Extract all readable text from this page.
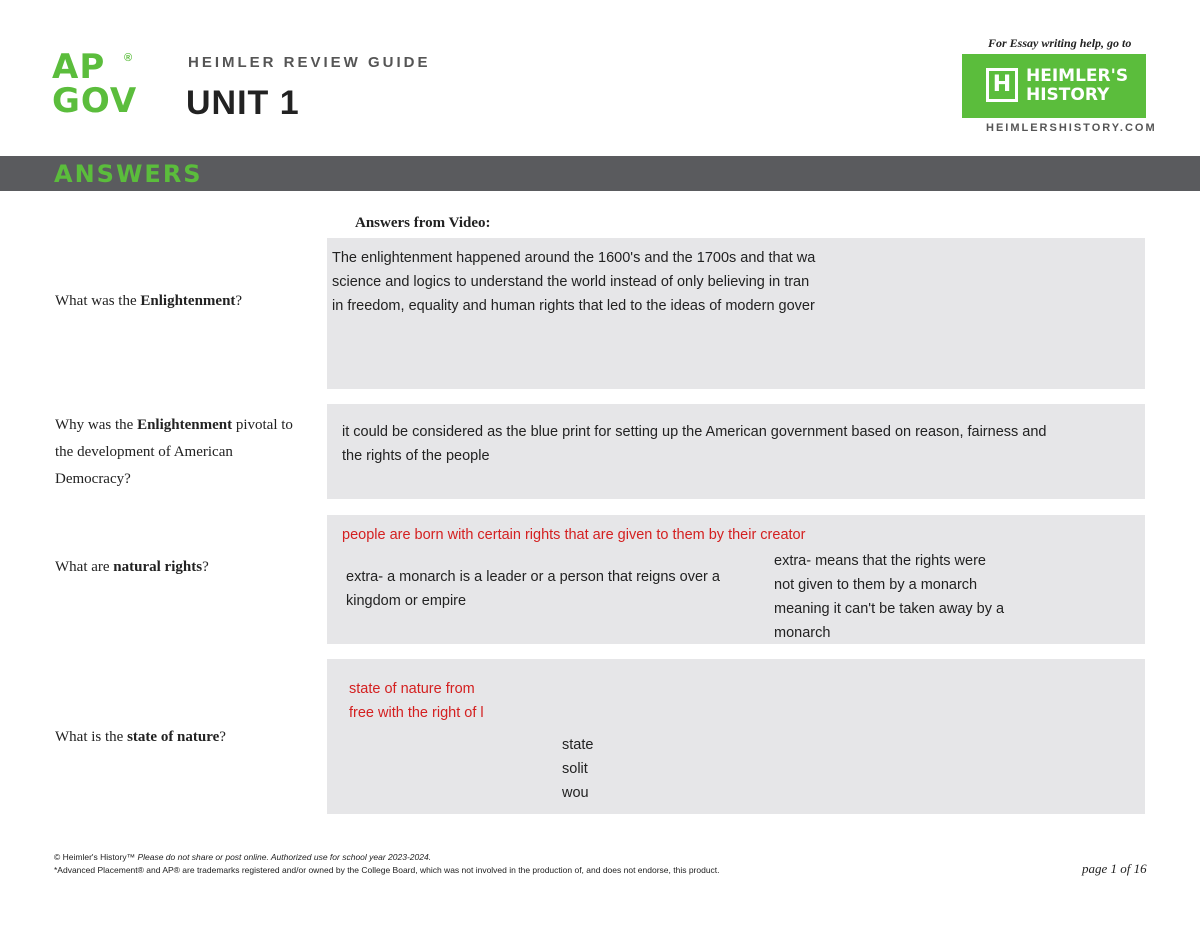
AP ®
GOV
HEIMLER REVIEW GUIDE
UNIT 1
For Essay writing help, go to
H HEIMLER'S
HISTORY
HEIMLERSHISTORY.COM
ANSWERS
Answers from Video:
What was the Enlightenment?
The enlightenment happened around the 1600's and the 1700s and that wa
science and logics to understand the world instead of only believing in tran
in freedom, equality and human rights that led to the ideas of modern gover
Why was the Enlightenment pivotal to the development of American Democracy?
it could be considered as the blue print for setting up the American government based on reason, fairness and
the rights of the people
What are natural rights?
people are born with certain rights that are given to them by their creator
extra- a monarch is a leader or a person that reigns over a
kingdom or empire
extra- means that the rights were
not given to them by a monarch
meaning it can't be taken away by a
monarch
What is the state of nature?
state of nature from
free with the right of l
state
solit
wou
© Heimler's History™ Please do not share or post online. Authorized use for school year 2023-2024.
*Advanced Placement® and AP® are trademarks registered and/or owned by the College Board, which was not involved in the production of, and does not endorse, this product.	page 1 of 16
